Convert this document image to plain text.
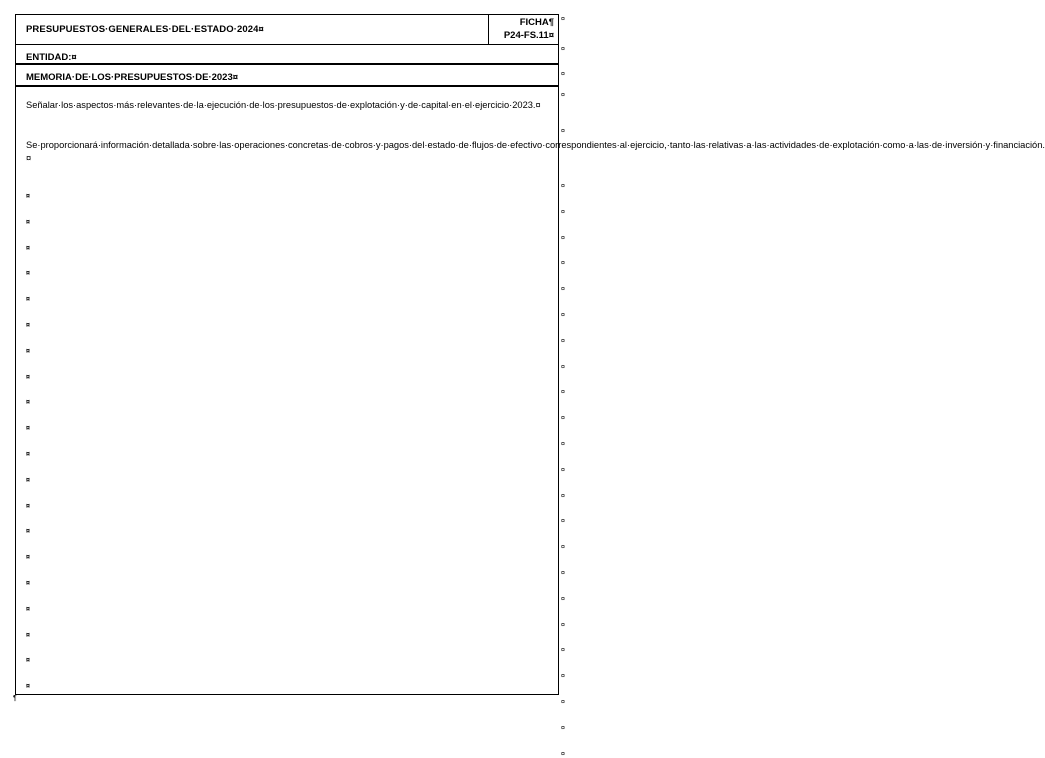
PRESUPUESTOS·GENERALES·DEL·ESTADO·2024¤
FICHA¶
P24-FS.11¤
ENTIDAD:¤
MEMORIA·DE·LOS·PRESUPUESTOS·DE·2023¤
Señalar·los·aspectos·más·relevantes·de·la·ejecución·de·los·presupuestos·de·explotación·y·de·capital·en·el·ejercicio·2023.¤
Se·proporcionará·información·detallada·sobre·las·operaciones·concretas·de·cobros·y·pagos·del·estado·de·flujos·de·efectivo·correspondientes·al·ejercicio,·tanto·las·relativas·a·las·actividades·de·explotación·como·a·las·de·inversión·y·financiación.¤
¤
¤
¤
¤
¤
¤
¤
¤
¤
¤
¤
¤
¤
¤
¤
¤
¤
¤
¤
¤
¤
¤
¤
¤
¤
¤
¤
¤
¤
¤
¤
¤
¤
¤
¤
¤
¤
¤
¤
¤
¤
¤
¤
¤
¤
¤
¤
¤
¶
